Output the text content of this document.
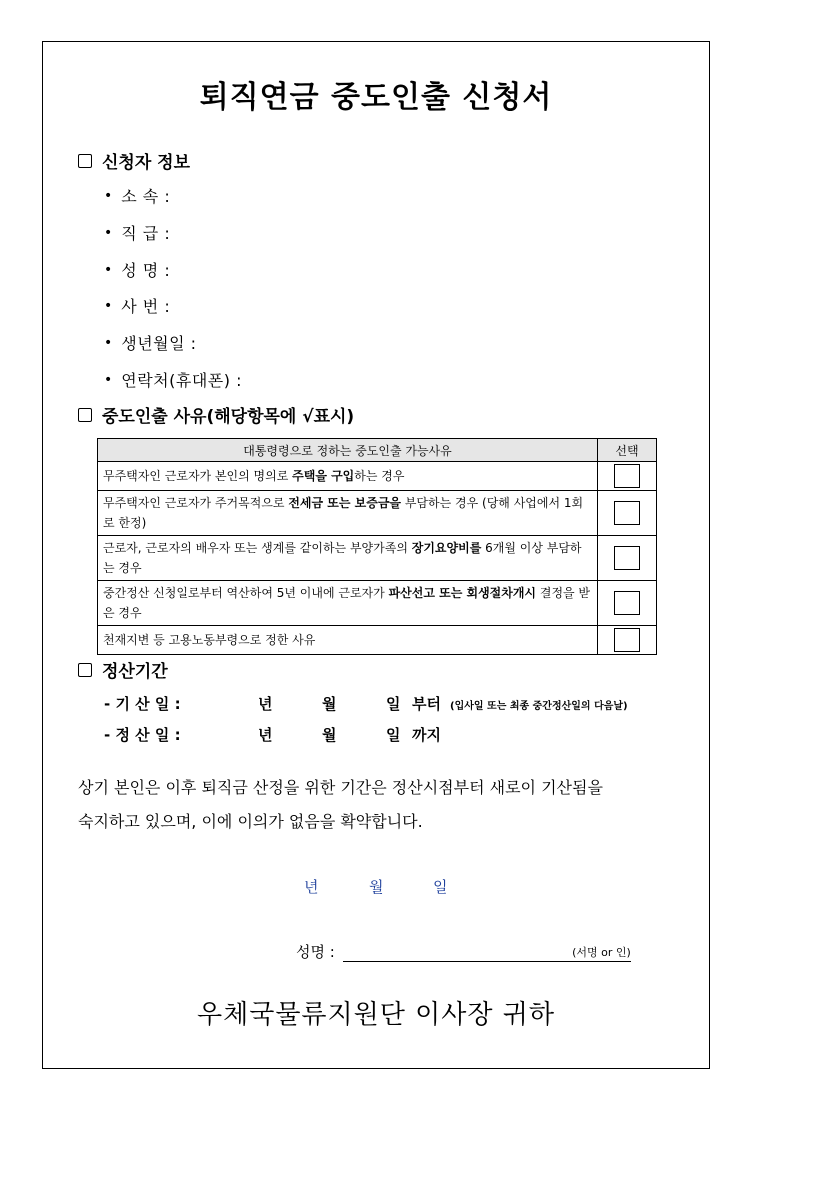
퇴직연금 중도인출 신청서
신청자 정보
• 소 속 :
• 직 급 :
• 성 명 :
• 사 번 :
• 생년월일 :
• 연락처(휴대폰) :
중도인출 사유(해당항목에 √표시)
대통령령으로 정하는 중도인출 가능사유	선택
무주택자인 근로자가 본인의 명의로 주택을 구입하는 경우	
무주택자인 근로자가 주거목적으로 전세금 또는 보증금을 부담하는 경우 (당해 사업에서 1회로 한정)	
근로자, 근로자의 배우자 또는 생계를 같이하는 부양가족의 장기요양비를 6개월 이상 부담하는 경우	
중간정산 신청일로부터 역산하여 5년 이내에 근로자가 파산선고 또는 회생절차개시 결정을 받은 경우	
천재지변 등 고용노동부령으로 정한 사유	
정산기간
- 기 산 일 :	년	월	일 부터 (입사일 또는 최종 중간정산일의 다음날)
- 정 산 일 :	년	월	일 까지
상기 본인은 이후 퇴직금 산정을 위한 기간은 정산시점부터 새로이 기산됨을
숙지하고 있으며, 이에 이의가 없음을 확약합니다.
년	월	일
성명 :	(서명 or 인)
우체국물류지원단 이사장 귀하
